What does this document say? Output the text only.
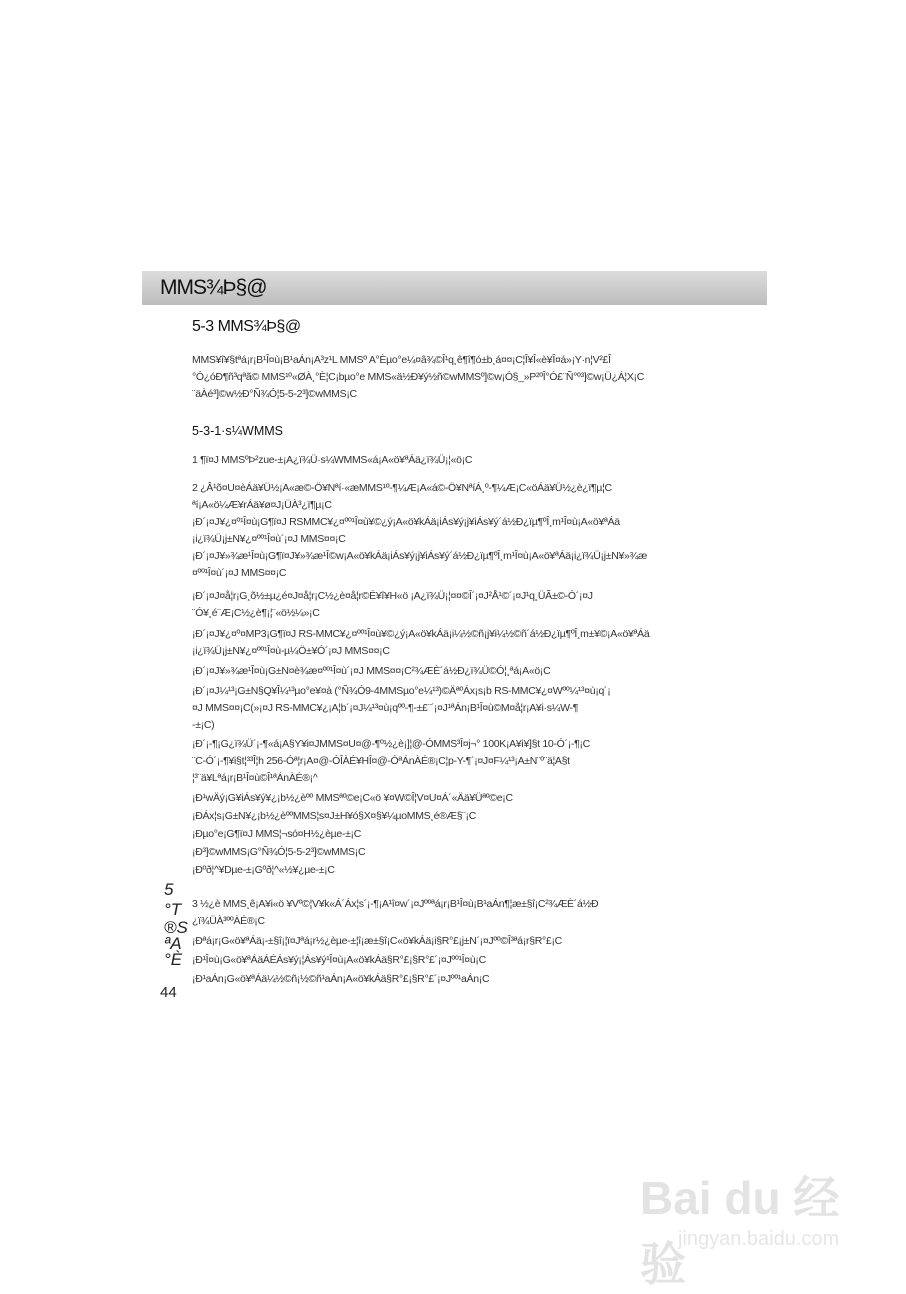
MMS¾Þ§@
5-3 MMS¾Þ§@
MMS¥î¥§tªá¡r¡B¹Î¤ù¡B¹aÁn¡A³z¹L MMSº A°Èµo°e¼¤â¾©Î¹q¸ê¶î¶ó±b¸á¤¤¡C¦Î¥Î«è¥Î¤á»¡Y·n¦V²£Î
°Ó¿óÐ¶ñ³qªã© MMS¹º«ØÀ¸°È¦C¡bµo°e MMS«ä½Ð¥ý½ñ©wMMSº]©w¡Ó§_»P²ºÎ°Ó£¨Ñ°º³]©w¡Ü¿Á¦X¡C
¨äÀé³]©w½Ð°Ñ¾Ó¦5-5-2³]©wMMS¡C
5-3-1·s¼WMMS
1 ¶ï¤J MMSºÞ²zue-±¡A¿ï¾Ü·s¼WMMS«á¡A«ö¥ªÁä¿ï¾Ü¡¦«ö¡C
2 ¿Â¹õ¤U¤èÁä¥Ü½¡A«æ©-Ö¥Nªí·«æMMS¹º-¶¼Æ¡A«á©-Ö¥NªíÁ¸º-¶¼Æ¡C«öÁä¥Ü½¿è¿ï¶µ¦C
ªí¡A«ö¼Æ¥rÁä¥ø¤J¡ÜÀ³¿ï¶µ¡C
¡Ð´¡¤J¥¿¤º¹Î¤ù¡G¶ï¤J RSMMC¥¿¤ºº¹Î¤ù¥©¿ý¡A«ö¥kÁä¡iÁs¥ý¡j¥iÁs¥ý´á½Ð¿ïµ¶ºÎ¸m¹Î¤ù¡A«ö¥ªÁä
¡i¿ï¾Ü¡j±N¥¿¤ºº¹Î¤ù´¡¤J MMS¤¤¡C
¡Ð´¡¤J¥»¾æ¹Î¤ù¡G¶ï¤J¥»¾æ¹Î©w¡A«ö¥kÁä¡iÁs¥ý¡j¥iÁs¥ý´á½Ð¿ïµ¶ºÎ¸m¹Î¤ù¡A«ö¥ªÁä¡i¿ï¾Ü¡j±N¥»¾æ
¤ºº¹Î¤ù´¡¤J MMS¤¤¡C
¡Ð´¡¤J¤å¦r¡G¸õ½±µ¿é¤J¤å¦r¡C½¿è¤å¦r©É¥î¥H«ö ¡A¿ï¾Ü¡¦¤¤©Î´¡¤J²Å¹©´¡¤J¹q¸ÜÃ±©-Ó´¡¤J
¨Ó¥¸é¨Æ¡C½¿è¶¡¦¨«ö½¼»¡C
¡Ð´¡¤J¥¿¤º¤MP3¡G¶ï¤J RS-MMC¥¿¤ºº¹Î¤ù¥©¿ý¡A«ö¥kÁä¡i¼½©ñ¡j¥i¼½©ñ´á½Ð¿ïµ¶ºÎ¸m±¥©¡A«ö¥ªÁä
¡i¿ï¾Ü¡j±N¥¿¤ºº¹Î¤ù-µ¼Ö±¥Ó´¡¤J MMS¤¤¡C
¡Ð´¡¤J¥»¾æ¹Î¤ù¡G±N¤è¾æ¤ºº¹Î¤ù´¡¤J MMS¤¤¡C²¾ÆÈ´á½Ð¿ï¾Ü©Ó¦¸ªá¡A«ö¡C
¡Ð´¡¤J¼¹³¡G±N§Q¥Î¼¹³µo°e¥¤à (°Ñ¾Ó9-4MMSµo°e¼¹³)©ÄªºÁx¡s¡b RS-MMC¥¿¤Wºº¼¹³¤ù¡q´¡
¤J MMS¤¤¡C(»¡¤J RS-MMC¥¿¡A¦b´¡¤J¼¹³¤ù¡qºº-¶-±£¨´¡¤J¹ªÁn¡B¹Î¤ù©M¤å¦r¡A¥i·s¼W-¶
-±¡C)
¡Ð´¡-¶¡G¿ï¾Ü´¡-¶«á¡A§Y¥i¤JMMS¤U¤@-¶º½¿è¡]¦@-ÓMMS³Î¤j¬° 100K¡A¥i¥]§t 10-Ó´¡-¶¡C
¨C-Ó´¡-¶¥i§t¦³³Î¦h 256-Óª¦r¡A¤@-ÓÎÀÉ¥HÎ¤@-ÓªÁnÀÉ®¡C¦p-Y-¶´¡¤J¤F¼¹³¡A±N¨º¨ä¦A§t
¦³¨ä¥Lªá¡r¡B¹Î¤ù©Î¹ªÁnÀÉ®¡^
¡Ð¹wÄý¡G¥iÁs¥ý¥¿¡b½¿èºº MMSªº©e¡C«ö ¥¤W©Î¦V¤U¤Á´«Ää¥Üªº©e¡C
¡ÐÁx¦s¡G±N¥¿¡b½¿èººMMS¦s¤J±H¥ó§X¤§¥¼µoMMS¸é®Æ§¨¡C
¡Ðµo°e¡G¶ï¤J MMS¦¬só¤H½¿èµe-±¡C
¡Ð³]©wMMS¡G°Ñ¾Ó¦5-5-2³]©wMMS¡C
¡Ðºð¦^¥Dµe-±¡Gºð¦^«½¥¿µe-±¡C
3 ½¿è MMS¸ê¡A¥i«ö ¥Vº©¦V¥k«Á´Áx¦s´¡-¶¡A¹î¤w´¡¤Jººªá¡r¡B¹Î¤ù¡B¹aÁn¶¦æ±§î¡C²¾ÆÈ´á½Ð
¿ï¾ÜÀ³ººÀÉ®¡C
¡Ðªá¡r¡G«ö¥ªÁä¡-±§î¡¦ï¤Jªá¡r½¿èµe-±¦î¡æ±§î¡C«ö¥kÁä¡i§R°£¡j±N´¡¤Jºº©Î³ªá¡r§R°£¡C
¡Ð¹Î¤ù¡G«ö¥ªÁäÁÉÁs¥ý¡¦Ás¥ý¹Î¤ù¡A«ö¥kÁä§R°£¡§R°£´¡¤Jºº¹Î¤ù¡C
¡Ð¹aÁn¡G«ö¥ªÁä¼½©ñ¡½©ñ¹aÁn¡A«ö¥kÁä§R°£¡§R°£´¡¤Jºº¹aÁn¡C
5
°T
®S
ªA
°È
44
Bai du 经验
jingyan.baidu.com
